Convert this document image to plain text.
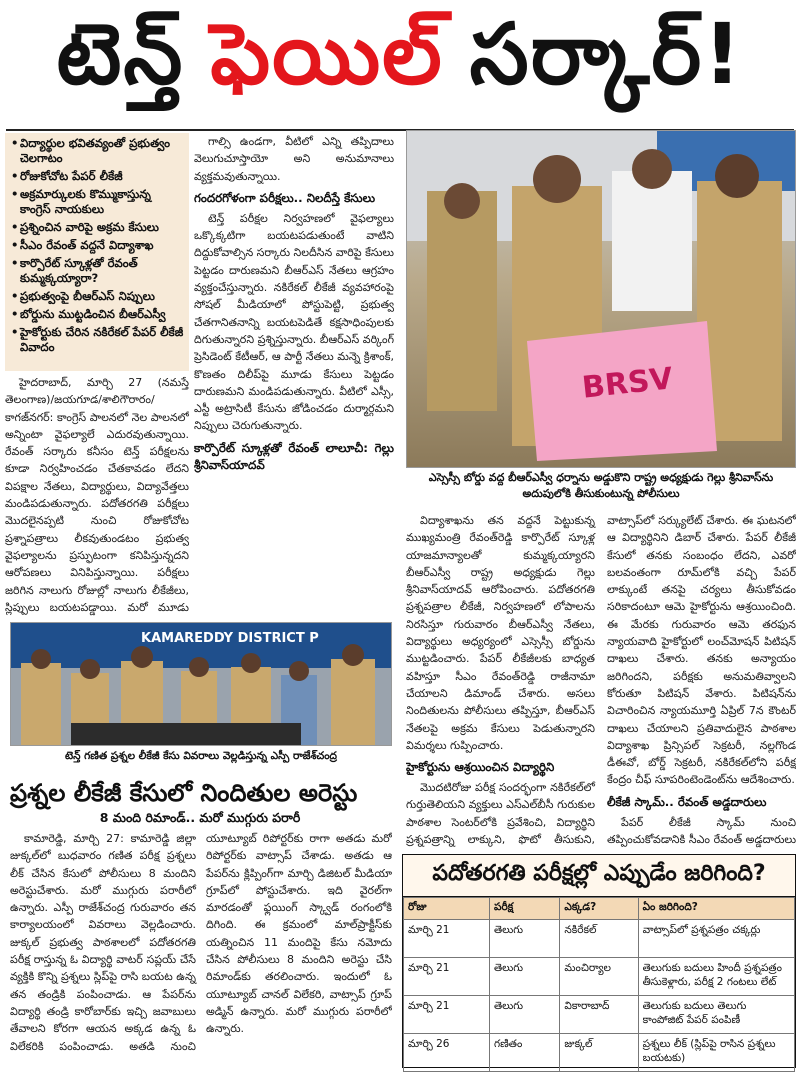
టెన్త్ ఫెయిల్ సర్కార్!
• విద్యార్థుల భవితవ్యంతో ప్రభుత్వం చెలగాటం
• రోజుకోచోట పేపర్ లీకేజీ
• అక్రమార్కులకు కొమ్ముకాస్తున్న కాంగ్రెస్ నాయకులు
• ప్రశ్నించిన వారిపై అక్రమ కేసులు
• సీఎం రేవంత్ వద్దనే విద్యాశాఖ
• కార్పొరేట్ స్కూళ్లతో రేవంత్ కుమ్మక్కయ్యారా?
• ప్రభుత్వంపై బీఆర్ఎస్ నిప్పులు
• బోర్డును ముట్టడించిన బీఆర్ఎస్వీ
• హైకోర్టుకు చేరిన నకిరేకల్ పేపర్ లీకేజీ వివాదం

హైదరాబాద్, మార్చి 27 (నమస్తే తెలంగాణ)/జయగూడ/శాలిగౌరారం/కాగజ్‌నగర్: కాంగ్రెస్ పాలనలో నెల పాలనలో అన్నింటా వైఫల్యాలే ఎదురవుతున్నాయి. రేవంత్ సర్కారు కనీసం టెన్త్ పరీక్షలను కూడా నిర్వహించడం చేతకావడం లేదని విపక్షాల నేతలు, విద్యార్థులు, విద్యావేత్తలు మండిపడుతున్నారు. పదోతరగతి పరీక్షలు మొదలైనప్పటి నుంచి రోజుకోచోట ప్రశ్నాపత్రాలు లీకవుతుండటం ప్రభుత్వ వైఫల్యాలను ప్రస్ఫుటంగా కనిపిస్తున్నదని ఆరోపణలు వినిపిస్తున్నాయి. పరీక్షలు జరిగిన నాలుగు రోజుల్లో నాలుగు లీకేజీలు, స్లిప్పులు బయటపడ్డాయి. మరో మూడు

గాల్సి ఉండగా, వీటిలో ఎన్ని తప్పిదాలు వెలుగుచూస్తాయో అని అనుమానాలు వ్యక్తమవుతున్నాయి.

గందరగోళంగా పరీక్షలు.. నిలదీస్తే కేసులు

టెన్త్ పరీక్షల నిర్వహణలో వైఫల్యాలు ఒక్కొక్కటిగా బయటపడుతుంటే వాటిని దిద్దుకోవాల్సిన సర్కారు నిలదీసిన వారిపై కేసులు పెట్టడం దారుణమని బీఆర్ఎస్ నేతలు ఆగ్రహం వ్యక్తంచేస్తున్నారు. నకిరేకల్ లీకేజీ వ్యవహారంపై సోషల్ మీడియాలో పోస్టుపెట్టి, ప్రభుత్వ చేతగానితనాన్ని బయటపెడితే కక్షసాధింపులకు దిగుతున్నారని ప్రశ్నిస్తున్నారు. బీఆర్ఎస్ వర్కింగ్ ప్రెసిడెంట్ కేటీఆర్, ఆ పార్టీ నేతలు మన్నె క్రిశాంక్, కొణతం దిలీప్‌పై మూడు కేసులు పెట్టడం దారుణమని మండిపడుతున్నారు. వీటిలో ఎస్సీ, ఎస్టీ అట్రాసిటీ కేసును జోడించడం దుర్మార్గమని నిప్పులు చెరుగుతున్నారు.

కార్పొరేట్ స్కూళ్లతో రేవంత్ లాలూచీ: గెల్లు శ్రీనివాస్‌యాదవ్
BRSV
ఎస్సెస్సీ బోర్డు వద్ద బీఆర్ఎస్వీ ధర్నాను అడ్డుకొని రాష్ట్ర అధ్యక్షుడు గెల్లు శ్రీనివాస్‌ను అదుపులోకి తీసుకుంటున్న పోలీసులు
KAMAREDDY DISTRICT P
టెన్త్ గణిత ప్రశ్నల లీకేజీ కేసు వివరాలు వెల్లడిస్తున్న ఎస్పీ రాజేశ్‌చంద్ర
ప్రశ్నల లీకేజీ కేసులో నిందితుల అరెస్టు
8 మంది రిమాండ్.. మరో ముగ్గురు పరారీ

కామారెడ్డి, మార్చి 27: కామారెడ్డి జిల్లా జుక్కల్‌లో బుధవారం గణిత పరీక్ష ప్రశ్నలు లీక్ చేసిన కేసులో పోలీసులు 8 మందిని అరెస్టుచేశారు. మరో ముగ్గురు పరారీలో ఉన్నారు. ఎస్పీ రాజేశ్‌చంద్ర గురువారం తన కార్యాలయంలో వివరాలు వెల్లడించారు. జుక్కల్ ప్రభుత్వ పాఠశాలలో పదోతరగతి పరీక్ష రాస్తున్న ఓ విద్యార్థి వాటర్ సప్లయ్ చేసే వ్యక్తికి కొన్ని ప్రశ్నలు స్లిప్‌పై రాసి బయట ఉన్న తన తండ్రికి పంపించాడు. ఆ పేపర్‌ను విద్యార్థి తండ్రి కారోబార్‌కు ఇచ్చి జవాబులు తేవాలని కోరగా ఆయన అక్కడ ఉన్న ఓ విలేకరికి పంపించాడు. అతడి నుంచి యూట్యూబ్ రిపోర్టర్‌కు రాగా అతడు మరో రిపోర్టర్‌కు వాట్సాప్ చేశాడు. అతడు ఆ పేపర్‌ను క్లిప్పింగ్‌గా మార్చి డిజిటల్ మీడియా గ్రూప్‌లో పోస్టుచేశారు. ఇది వైరల్‌గా మారడంతో ఫ్లయింగ్ స్క్వాడ్ రంగంలోకి దిగింది. ఈ క్రమంలో మాల్‌ప్రాక్టీస్‌కు యత్నించిన 11 మందిపై కేసు నమోదు చేసిన పోలీసులు 8 మందిని అరెస్టు చేసి రిమాండ్‌కు తరలించారు. ఇందులో ఓ యూట్యూబ్ చానల్ విలేకరి, వాట్సాప్ గ్రూప్ అడ్మిన్ ఉన్నారు. మరో ముగ్గురు పరారీలో ఉన్నారు.

విద్యాశాఖను తన వద్దనే పెట్టుకున్న ముఖ్యమంత్రి రేవంత్‌రెడ్డి కార్పొరేట్ స్కూళ్ల యాజమాన్యాలతో కుమ్మక్కయ్యారని బీఆర్ఎస్వీ రాష్ట్ర అధ్యక్షుడు గెల్లు శ్రీనివాస్‌యాదవ్ ఆరోపించారు. పదోతరగతి ప్రశ్నపత్రాల లీకేజీ, నిర్వహణలో లోపాలను నిరసిస్తూ గురువారం బీఆర్ఎస్వీ నేతలు, విద్యార్థులు అధ్యర్యంలో ఎస్సెస్సీ బోర్డును ముట్టడించారు. పేపర్ లీకేజీలకు బాధ్యత వహిస్తూ సీఎం రేవంత్‌రెడ్డి రాజీనామా చేయాలని డిమాండ్ చేశారు. అసలు నిందితులను పోలీసులు తప్పిస్తూ, బీఆర్ఎస్ నేతలపై అక్రమ కేసులు పెడుతున్నారని విమర్శలు గుప్పించారు.

హైకోర్టును ఆశ్రయించిన విద్యార్థిని

మొదటిరోజు పరీక్ష సందర్భంగా నకిరేకల్‌లో గుర్తుతెలియని వ్యక్తులు ఎస్ఎల్‌బీసీ గురుకుల పాఠశాల సెంటర్‌లోకి ప్రవేశించి, విద్యార్థిని ప్రశ్నపత్రాన్ని లాక్కుని, ఫొటో తీసుకుని, వాట్సాప్‌లో సర్క్యులేట్ చేశారు. ఈ ఘటనలో ఆ విద్యార్థినిని డిబార్ చేశారు. పేపర్ లీకేజీ కేసులో తనకు సంబంధం లేదని, ఎవరో బలవంతంగా రూమ్‌లోకి వచ్చి పేపర్ లాక్కుంటే తనపై చర్యలు తీసుకోవడం సరికాదంటూ ఆమె హైకోర్టును ఆశ్రయించింది. ఈ మేరకు గురువారం ఆమె తరఫున న్యాయవాది హైకోర్టులో లంచ్‌మోషన్ పిటిషన్ దాఖలు చేశారు. తనకు అన్యాయం జరిగిందని, పరీక్షకు అనుమతివ్వాలని కోరుతూ పిటిషన్ వేశారు. పిటిషన్‌ను విచారించిన న్యాయమూర్తి ఏప్రిల్ 7న కౌంటర్ దాఖలు చేయాలని ప్రతివాదులైన పాఠశాల విద్యాశాఖ ప్రిన్సిపల్ సెక్రటరీ, నల్లగొండ డీఈవో, బోర్డ్ సెక్రటరీ, నకిరేకల్‌లోని పరీక్ష కేంద్రం చీఫ్ సూపరింటెండెంట్‌ను ఆదేశించారు.

లీకేజీ స్కామ్.. రేవంత్ అడ్డదారులు

పేపర్ లీకేజీ స్కామ్ నుంచి తప్పించుకోవడానికి సీఎం రేవంత్ అడ్డదారులు

పదోతరగతి పరీక్షల్లో ఎప్పుడేం జరిగింది?
రోజు	పరీక్ష	ఎక్కడ?	ఏం జరిగింది?
మార్చి 21	తెలుగు	నకిరేకల్	వాట్సాప్‌లో ప్రశ్నపత్రం చక్కర్లు
మార్చి 21	తెలుగు	మంచిర్యాల	తెలుగుకు బదులు హిందీ ప్రశ్నపత్రం తీసుకెళ్లారు, పరీక్ష 2 గంటలు లేట్
మార్చి 21	తెలుగు	వికారాబాద్	తెలుగుకు బదులు తెలుగు కాంపోజిట్ పేపర్ పంపిణీ
మార్చి 26	గణితం	జుక్కల్	ప్రశ్నలు లీక్ (స్లిప్‌పై రాసిన ప్రశ్నలు బయటకు)
